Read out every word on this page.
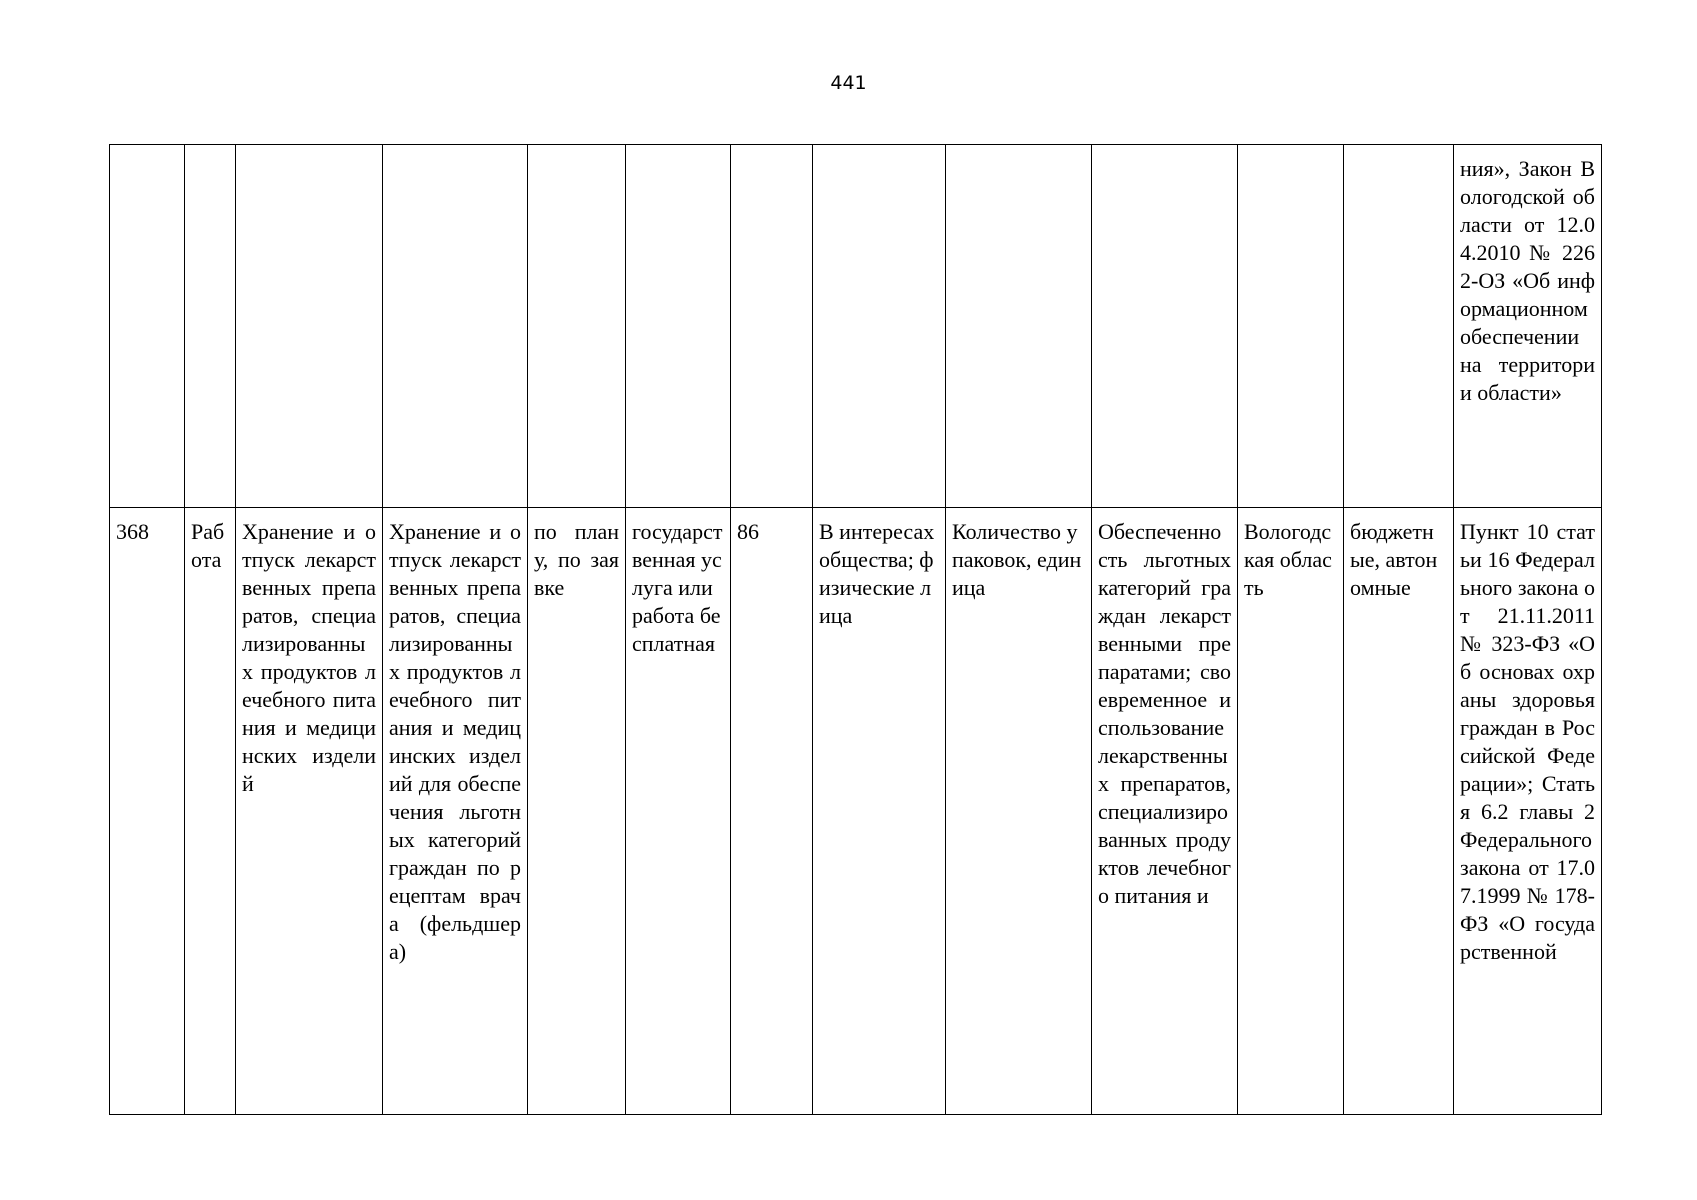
441
												ния», Закон Вологодской области от 12.04.2010 № 2262-ОЗ «Об информационном обеспечении на территории области»
368	Работа	Хранение и отпуск лекарственных препаратов, специализированных продуктов лечебного питания и медицинских изделий	Хранение и отпуск лекарственных препаратов, специализированных продуктов лечебного питания и медицинских изделий для обеспечения льготных категорий граждан по рецептам врача (фельдшера)	по плану, по заявке	государственная услуга или работа бесплатная	86	В интересах общества; физические лица	Количество упаковок, единица	Обеспеченность льготных категорий граждан лекарственными препаратами; своевременное использование лекарственных препаратов, специализированных продуктов лечебного питания и	Вологодская область	бюджетные, автономные	Пункт 10 статьи 16 Федерального закона от 21.11.2011 № 323-ФЗ «Об основах охраны здоровья граждан в Российской Федерации»; Статья 6.2 главы 2 Федерального закона от 17.07.1999 № 178-ФЗ «О государственной
